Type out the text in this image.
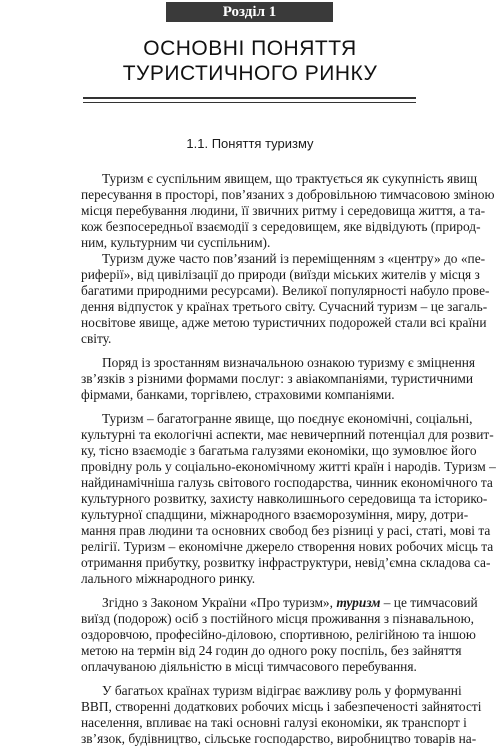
Розділ 1
ОСНОВНІ ПОНЯТТЯ
ТУРИСТИЧНОГО РИНКУ
1.1. Поняття туризму
Туризм є суспільним явищем, що трактується як сукупність явищ
пересування в просторі, пов’язаних з добровільною тимчасовою зміною
місця перебування людини, її звичних ритму і середовища життя, а та-
кож безпосередньої взаємодії з середовищем, яке відвідують (природ-
ним, культурним чи суспільним).
Туризм дуже часто пов’язаний із переміщенням з «центру» до «пе-
риферії», від цивілізації до природи (виїзди міських жителів у місця з
багатими природними ресурсами). Великої популярності набуло прове-
дення відпусток у країнах третього світу. Сучасний туризм – це загаль-
носвітове явище, адже метою туристичних подорожей стали всі країни
світу.
Поряд із зростанням визначальною ознакою туризму є зміцнення
зв’язків з різними формами послуг: з авіакомпаніями, туристичними
фірмами, банками, торгівлею, страховими компаніями.
Туризм – багатогранне явище, що поєднує економічні, соціальні,
культурні та екологічні аспекти, має невичерпний потенціал для розвит-
ку, тісно взаємодіє з багатьма галузями економіки, що зумовлює його
провідну роль у соціально-економічному житті країн і народів. Туризм –
найдинамічніша галузь світового господарства, чинник економічного та
культурного розвитку, захисту навколишнього середовища та історико-
культурної спадщини, міжнародного взаєморозуміння, миру, дотри-
мання прав людини та основних свобод без різниці у расі, статі, мові та
релігії. Туризм – економічне джерело створення нових робочих місць та
отримання прибутку, розвитку інфраструктури, невід’ємна складова са-
лального міжнародного ринку.
Згідно з Законом України «Про туризм», туризм – це тимчасовий
виїзд (подорож) осіб з постійного місця проживання з пізнавальною,
оздоровчою, професійно-діловою, спортивною, релігійною та іншою
метою на термін від 24 годин до одного року поспіль, без зайняття
оплачуваною діяльністю в місці тимчасового перебування.
У багатьох країнах туризм відіграє важливу роль у формуванні
ВВП, створенні додаткових робочих місць і забезпеченості зайнятості
населення, впливає на такі основні галузі економіки, як транспорт і
зв’язок, будівництво, сільське господарство, виробництво товарів на-
